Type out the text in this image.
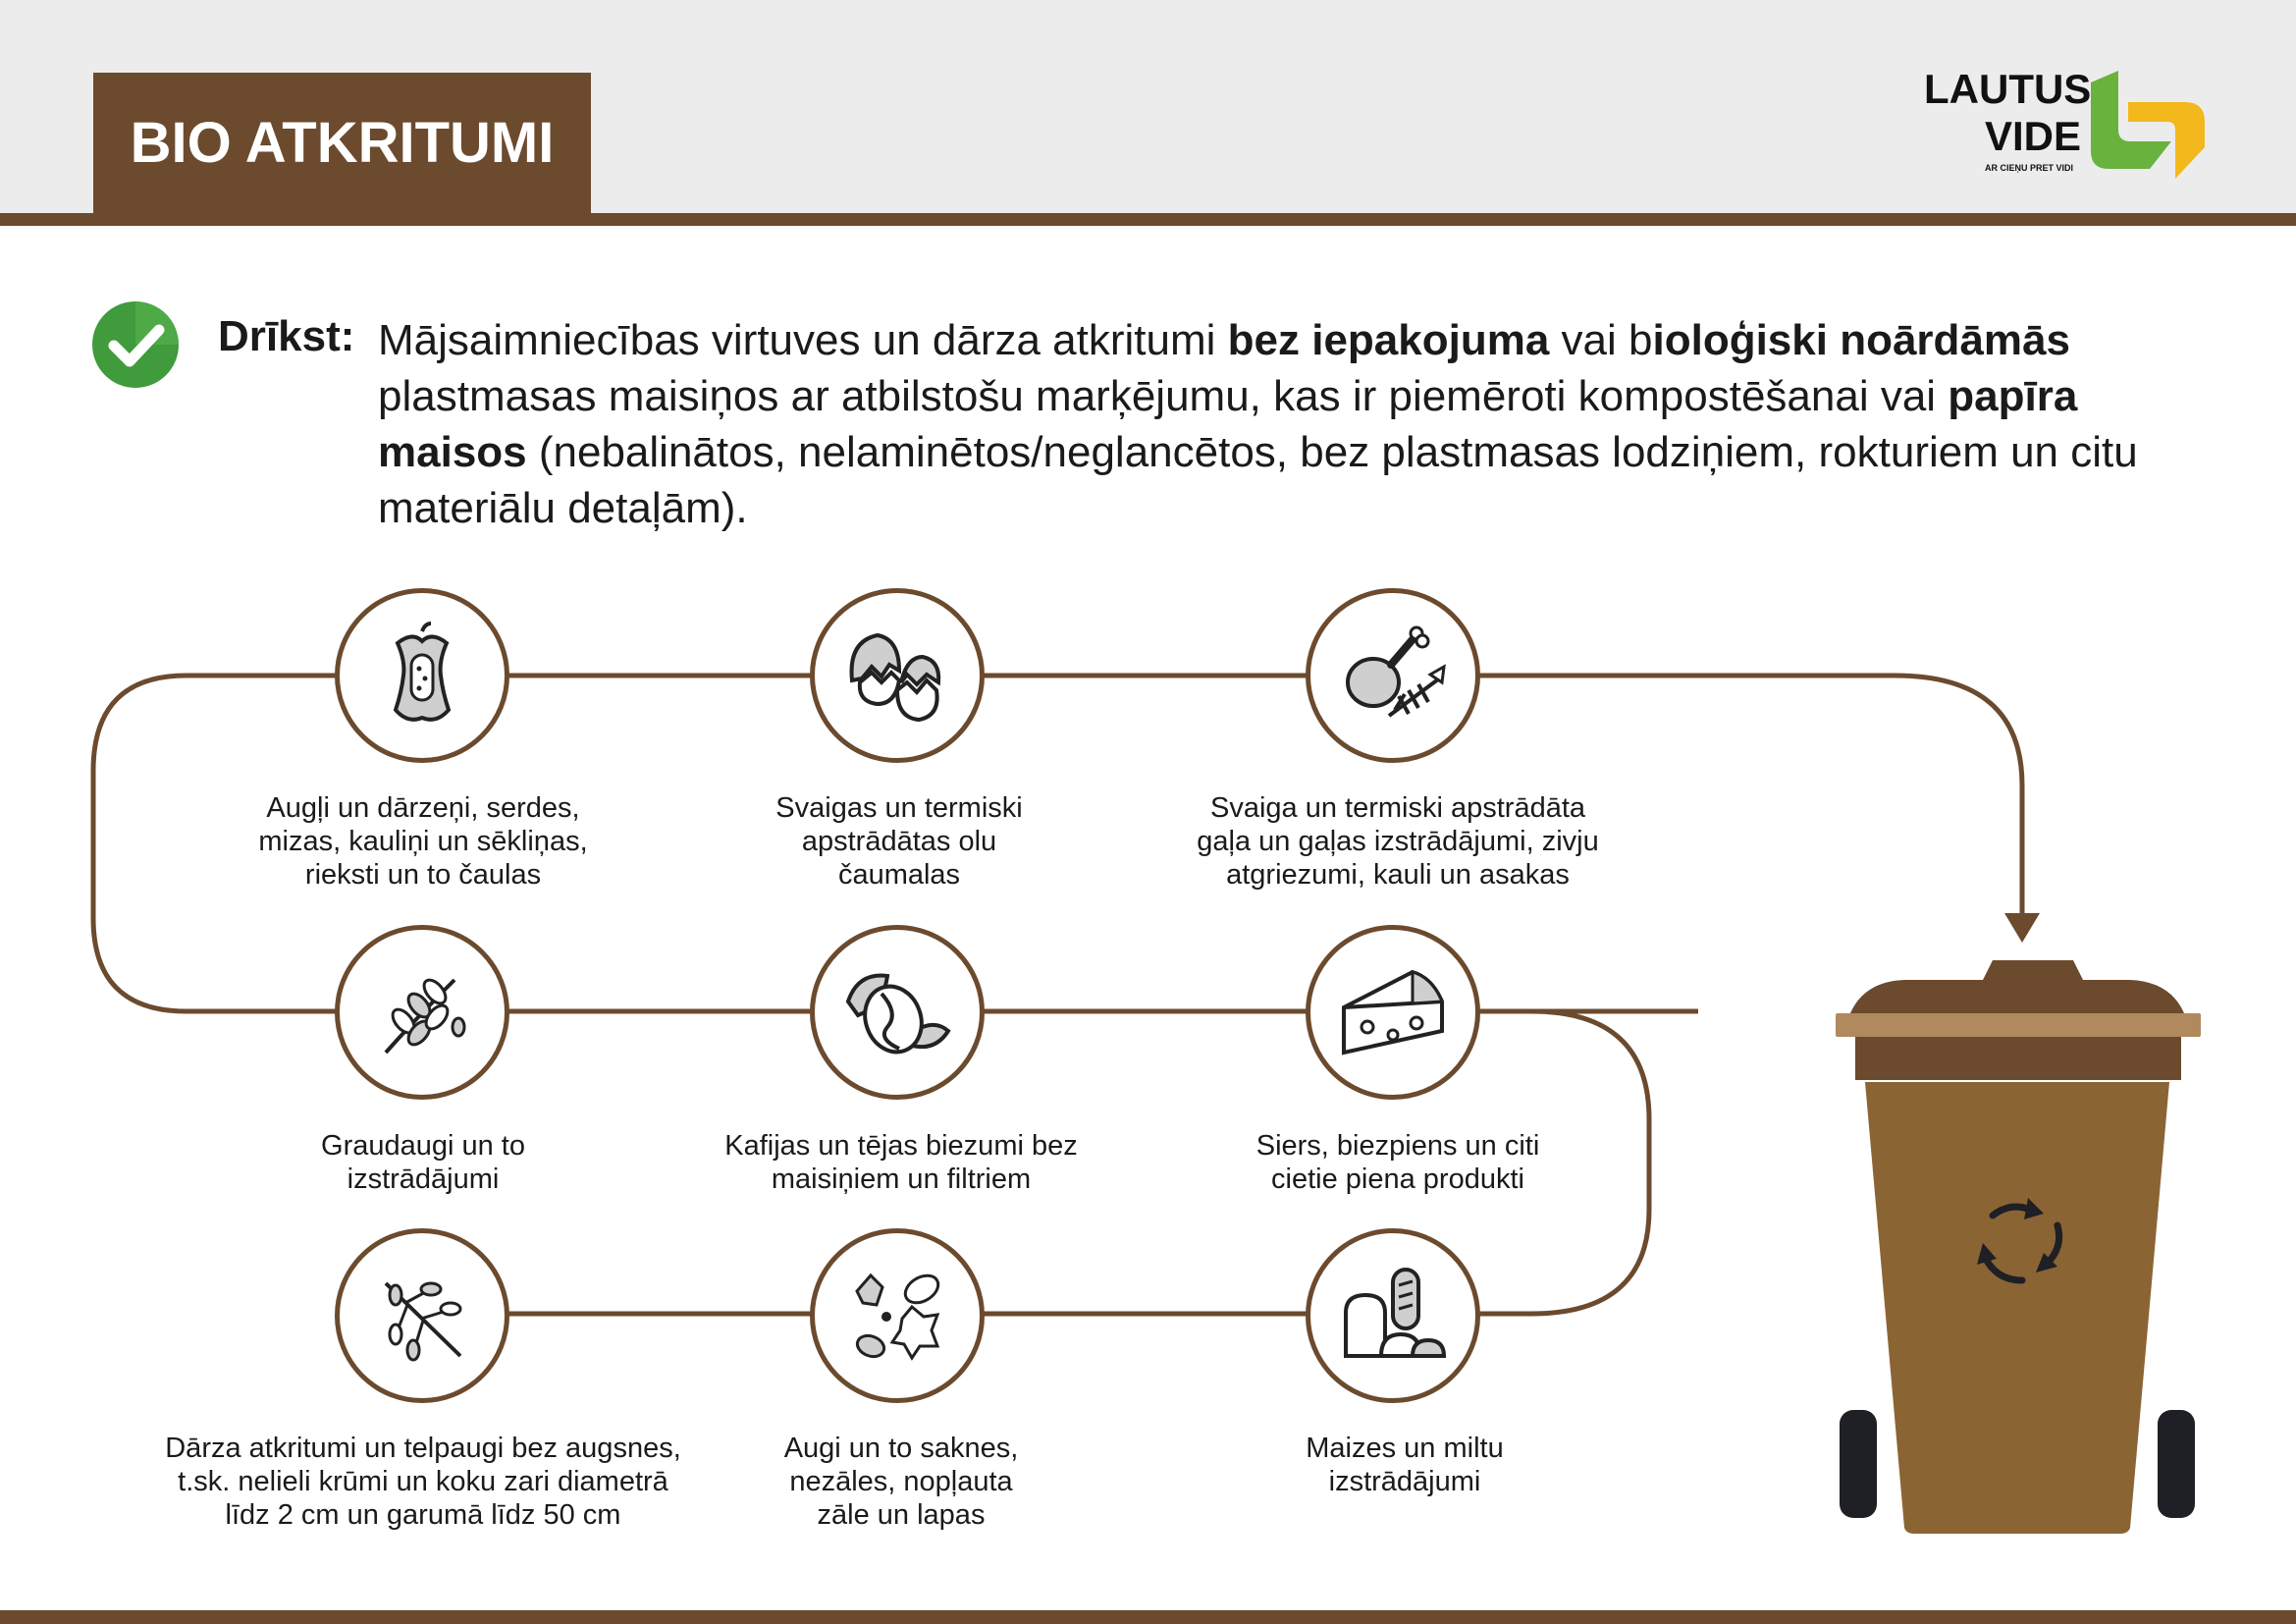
BIO ATKRITUMI
LAUTUS
VIDE
AR CIEŅU PRET VIDI
Drīkst: Mājsaimniecības virtuves un dārza atkritumi bez iepakojuma vai bioloģiski noārdāmās plastmasas maisiņos ar atbilstošu marķējumu, kas ir piemēroti kompostēšanai vai papīra maisos (nebalinātos, nelaminētos/neglancētos, bez plastmasas lodziņiem, rokturiem un citu materiālu detaļām).
Augļi un dārzeņi, serdes,
mizas, kauliņi un sēkliņas,
rieksti un to čaulas
Svaigas un termiski
apstrādātas olu
čaumalas
Svaiga un termiski apstrādāta
gaļa un gaļas izstrādājumi, zivju
atgriezumi, kauli un asakas
Graudaugi un to
izstrādājumi
Kafijas un tējas biezumi bez
maisiņiem un filtriem
Siers, biezpiens un citi
cietie piena produkti
Dārza atkritumi un telpaugi bez augsnes,
t.sk. nelieli krūmi un koku zari diametrā
līdz 2 cm un garumā līdz 50 cm
Augi un to saknes,
nezāles, nopļauta
zāle un lapas
Maizes un miltu
izstrādājumi
